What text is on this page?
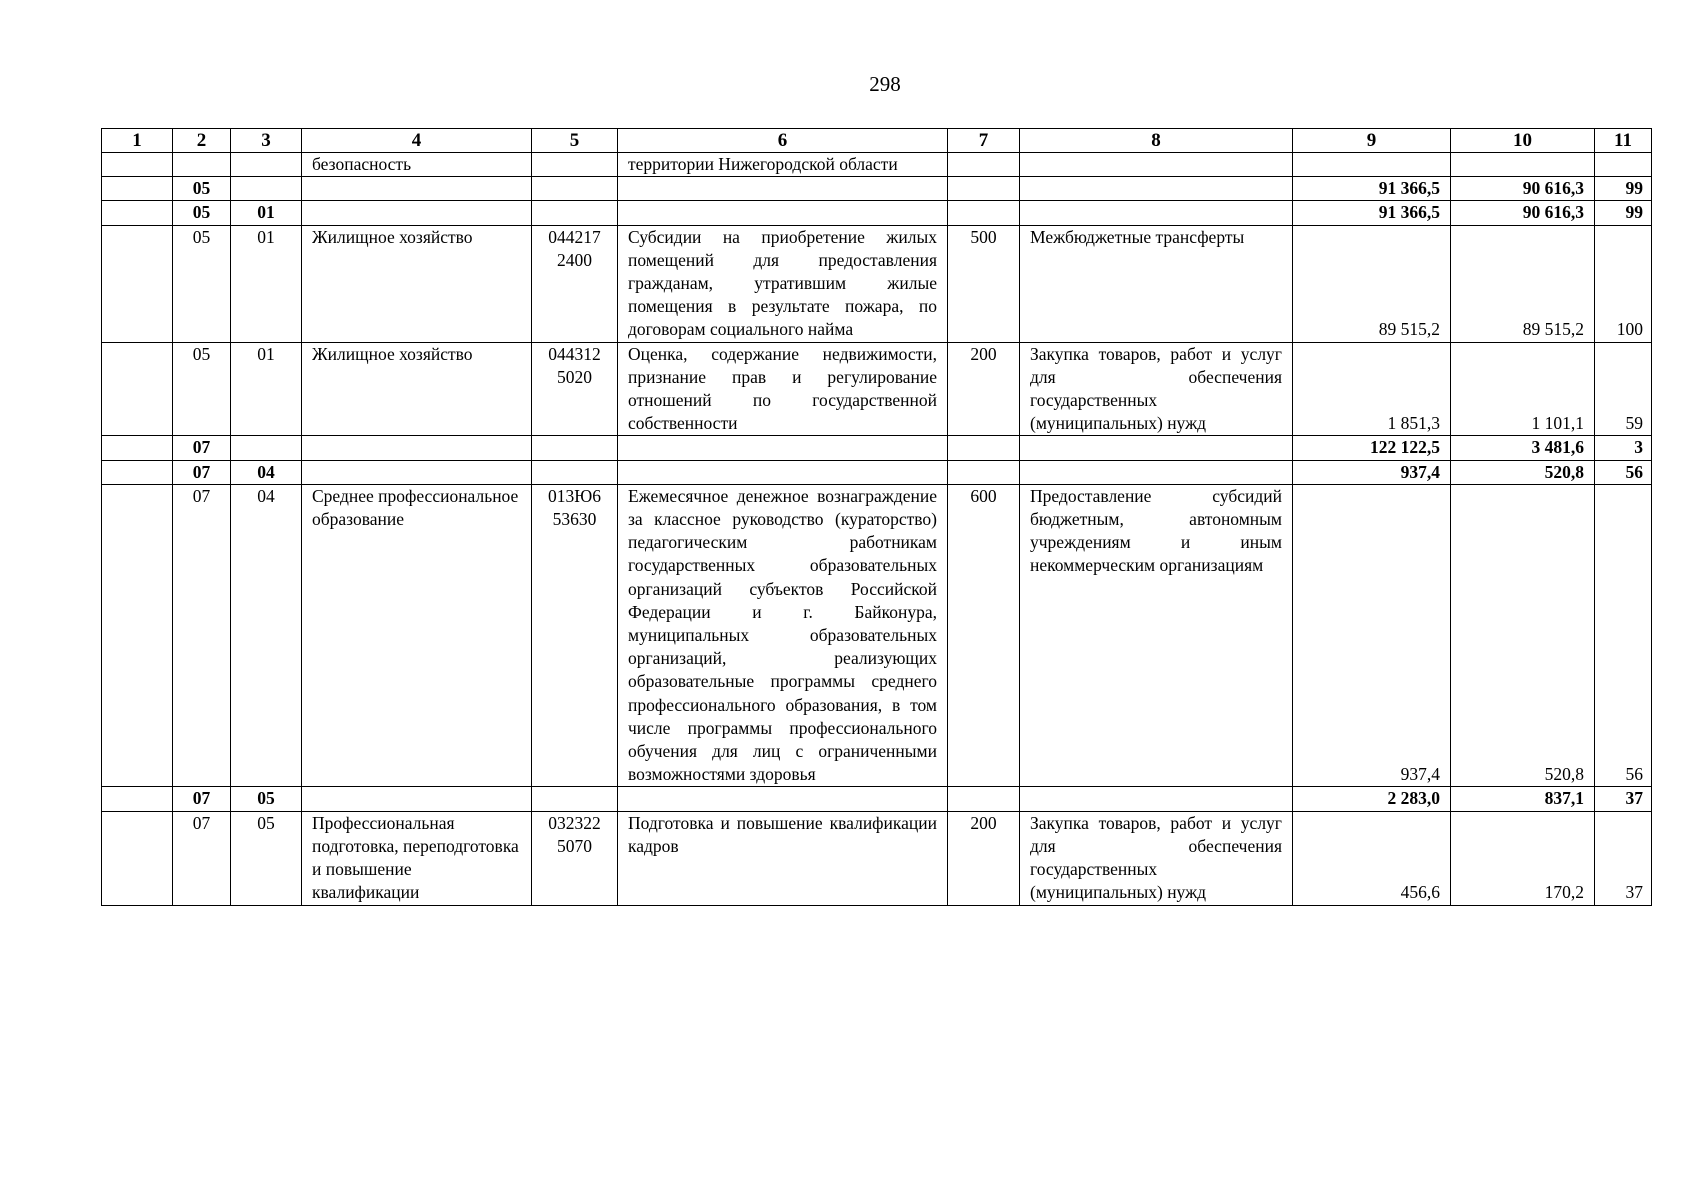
298
1	2	3	4	5	6	7	8	9	10	11
			безопасность		территории Нижегородской области					
	05							91 366,5	90 616,3	99
	05	01						91 366,5	90 616,3	99
	05	01	Жилищное хозяйство	044217 2400	Субсидии на приобретение жилых помещений для предоставления гражданам, утратившим жилые помещения в результате пожара, по договорам социального найма	500	Межбюджетные трансферты	89 515,2	89 515,2	100
	05	01	Жилищное хозяйство	044312 5020	Оценка, содержание недвижимости, признание прав и регулирование отношений по государственной собственности	200	Закупка товаров, работ и услуг для обеспечения государственных (муниципальных) нужд	1 851,3	1 101,1	59
	07							122 122,5	3 481,6	3
	07	04						937,4	520,8	56
	07	04	Среднее профессиональное образование	013Ю6 53630	Ежемесячное денежное вознаграждение за классное руководство (кураторство) педагогическим работникам государственных образовательных организаций субъектов Российской Федерации и г. Байконура, муниципальных образовательных организаций, реализующих образовательные программы среднего профессионального образования, в том числе программы профессионального обучения для лиц с ограниченными возможностями здоровья	600	Предоставление субсидий бюджетным, автономным учреждениям и иным некоммерческим организациям	937,4	520,8	56
	07	05						2 283,0	837,1	37
	07	05	Профессиональная подготовка, переподготовка и повышение квалификации	032322 5070	Подготовка и повышение квалификации кадров	200	Закупка товаров, работ и услуг для обеспечения государственных (муниципальных) нужд	456,6	170,2	37
